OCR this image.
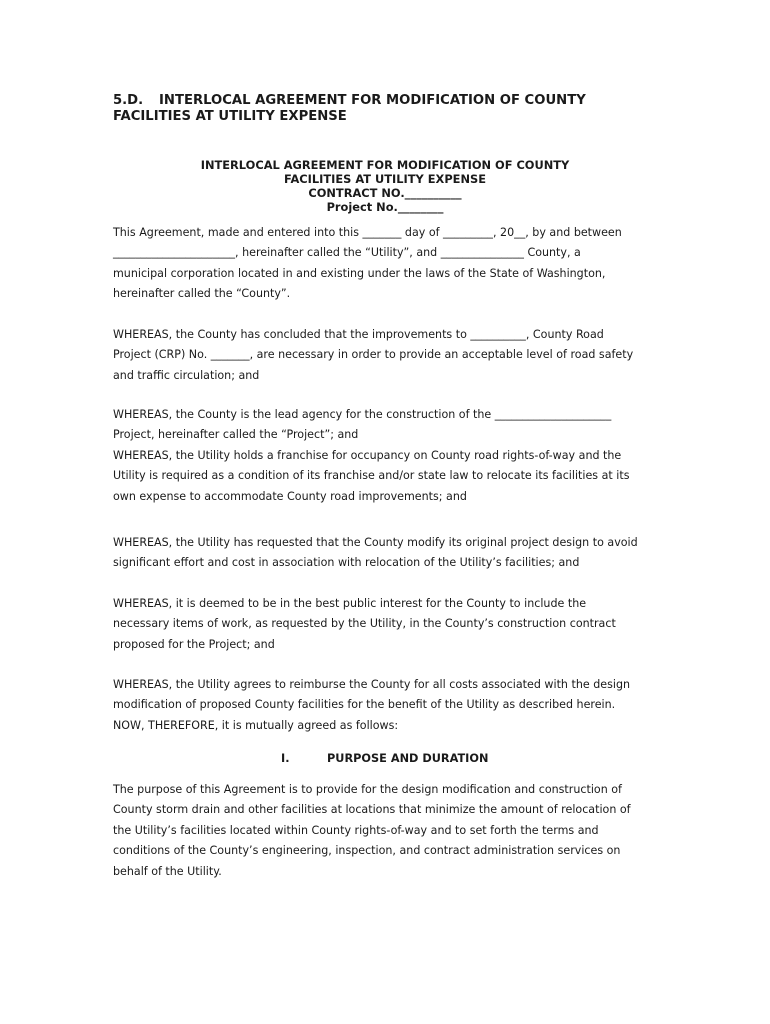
5.D. INTERLOCAL AGREEMENT FOR MODIFICATION OF COUNTY
FACILITIES AT UTILITY EXPENSE
INTERLOCAL AGREEMENT FOR MODIFICATION OF COUNTY
FACILITIES AT UTILITY EXPENSE
CONTRACT NO.__________
Project No.________
This Agreement, made and entered into this _______ day of _________, 20__, by and between
______________________, hereinafter called the “Utility”, and _______________ County, a
municipal corporation located in and existing under the laws of the State of Washington,
hereinafter called the “County”.
WHEREAS, the County has concluded that the improvements to __________, County Road
Project (CRP) No. _______, are necessary in order to provide an acceptable level of road safety
and traffic circulation; and
WHEREAS, the County is the lead agency for the construction of the _____________________
Project, hereinafter called the “Project”; and
WHEREAS, the Utility holds a franchise for occupancy on County road rights-of-way and the
Utility is required as a condition of its franchise and/or state law to relocate its facilities at its
own expense to accommodate County road improvements; and
WHEREAS, the Utility has requested that the County modify its original project design to avoid
significant effort and cost in association with relocation of the Utility’s facilities; and
WHEREAS, it is deemed to be in the best public interest for the County to include the
necessary items of work, as requested by the Utility, in the County’s construction contract
proposed for the Project; and
WHEREAS, the Utility agrees to reimburse the County for all costs associated with the design
modification of proposed County facilities for the benefit of the Utility as described herein.
NOW, THEREFORE, it is mutually agreed as follows:
I.	PURPOSE AND DURATION
The purpose of this Agreement is to provide for the design modification and construction of
County storm drain and other facilities at locations that minimize the amount of relocation of
the Utility’s facilities located within County rights-of-way and to set forth the terms and
conditions of the County’s engineering, inspection, and contract administration services on
behalf of the Utility.
